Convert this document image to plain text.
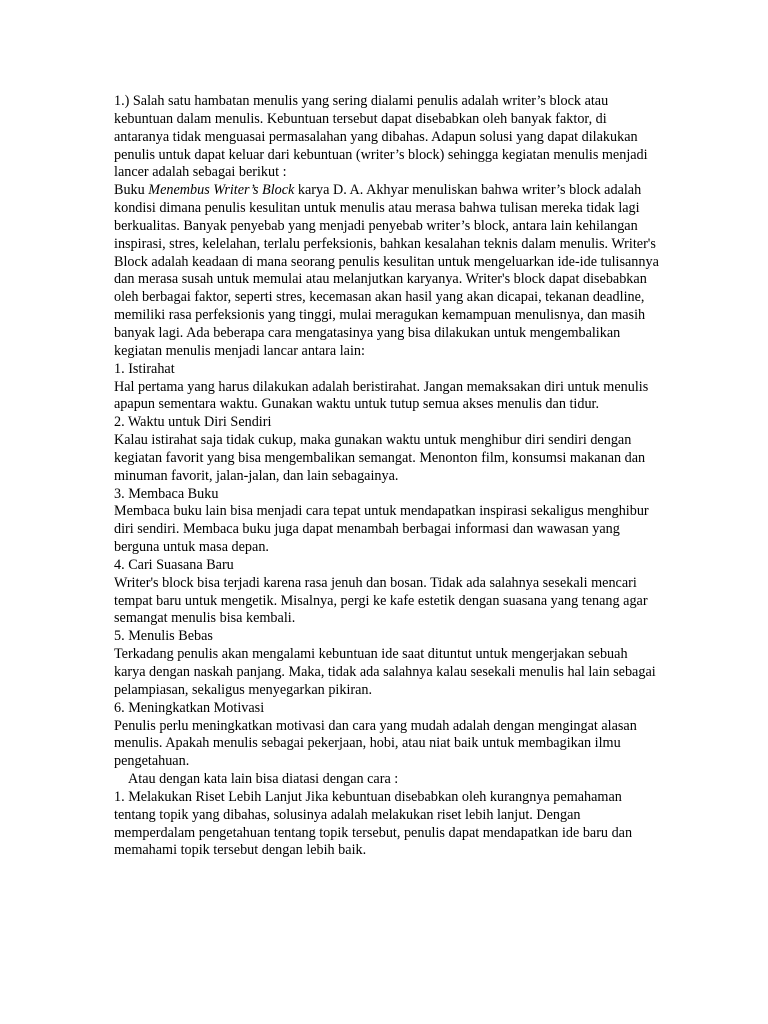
1.) Salah satu hambatan menulis yang sering dialami penulis adalah writer’s block atau kebuntuan dalam menulis. Kebuntuan tersebut dapat disebabkan oleh banyak faktor, di antaranya tidak menguasai permasalahan yang dibahas. Adapun solusi yang dapat dilakukan penulis untuk dapat keluar dari kebuntuan (writer’s block) sehingga kegiatan menulis menjadi lancer adalah sebagai berikut :

Buku Menembus Writer’s Block karya D. A. Akhyar menuliskan bahwa writer’s block adalah kondisi dimana penulis kesulitan untuk menulis atau merasa bahwa tulisan mereka tidak lagi berkualitas. Banyak penyebab yang menjadi penyebab writer’s block, antara lain kehilangan inspirasi, stres, kelelahan, terlalu perfeksionis, bahkan kesalahan teknis dalam menulis. Writer's Block adalah keadaan di mana seorang penulis kesulitan untuk mengeluarkan ide-ide tulisannya dan merasa susah untuk memulai atau melanjutkan karyanya. Writer's block dapat disebabkan oleh berbagai faktor, seperti stres, kecemasan akan hasil yang akan dicapai, tekanan deadline, memiliki rasa perfeksionis yang tinggi, mulai meragukan kemampuan menulisnya, dan masih banyak lagi. Ada beberapa cara mengatasinya yang bisa dilakukan untuk mengembalikan kegiatan menulis menjadi lancar antara lain:

1. Istirahat

Hal pertama yang harus dilakukan adalah beristirahat. Jangan memaksakan diri untuk menulis apapun sementara waktu. Gunakan waktu untuk tutup semua akses menulis dan tidur.

2. Waktu untuk Diri Sendiri

Kalau istirahat saja tidak cukup, maka gunakan waktu untuk menghibur diri sendiri dengan kegiatan favorit yang bisa mengembalikan semangat. Menonton film, konsumsi makanan dan minuman favorit, jalan-jalan, dan lain sebagainya.

3. Membaca Buku

Membaca buku lain bisa menjadi cara tepat untuk mendapatkan inspirasi sekaligus menghibur diri sendiri. Membaca buku juga dapat menambah berbagai informasi dan wawasan yang berguna untuk masa depan.

4. Cari Suasana Baru

Writer's block bisa terjadi karena rasa jenuh dan bosan. Tidak ada salahnya sesekali mencari tempat baru untuk mengetik. Misalnya, pergi ke kafe estetik dengan suasana yang tenang agar semangat menulis bisa kembali.

5. Menulis Bebas

Terkadang penulis akan mengalami kebuntuan ide saat dituntut untuk mengerjakan sebuah karya dengan naskah panjang. Maka, tidak ada salahnya kalau sesekali menulis hal lain sebagai pelampiasan, sekaligus menyegarkan pikiran.

6. Meningkatkan Motivasi

Penulis perlu meningkatkan motivasi dan cara yang mudah adalah dengan mengingat alasan menulis. Apakah menulis sebagai pekerjaan, hobi, atau niat baik untuk membagikan ilmu pengetahuan.

Atau dengan kata lain bisa diatasi dengan cara :

1. Melakukan Riset Lebih Lanjut Jika kebuntuan disebabkan oleh kurangnya pemahaman tentang topik yang dibahas, solusinya adalah melakukan riset lebih lanjut. Dengan memperdalam pengetahuan tentang topik tersebut, penulis dapat mendapatkan ide baru dan memahami topik tersebut dengan lebih baik.
